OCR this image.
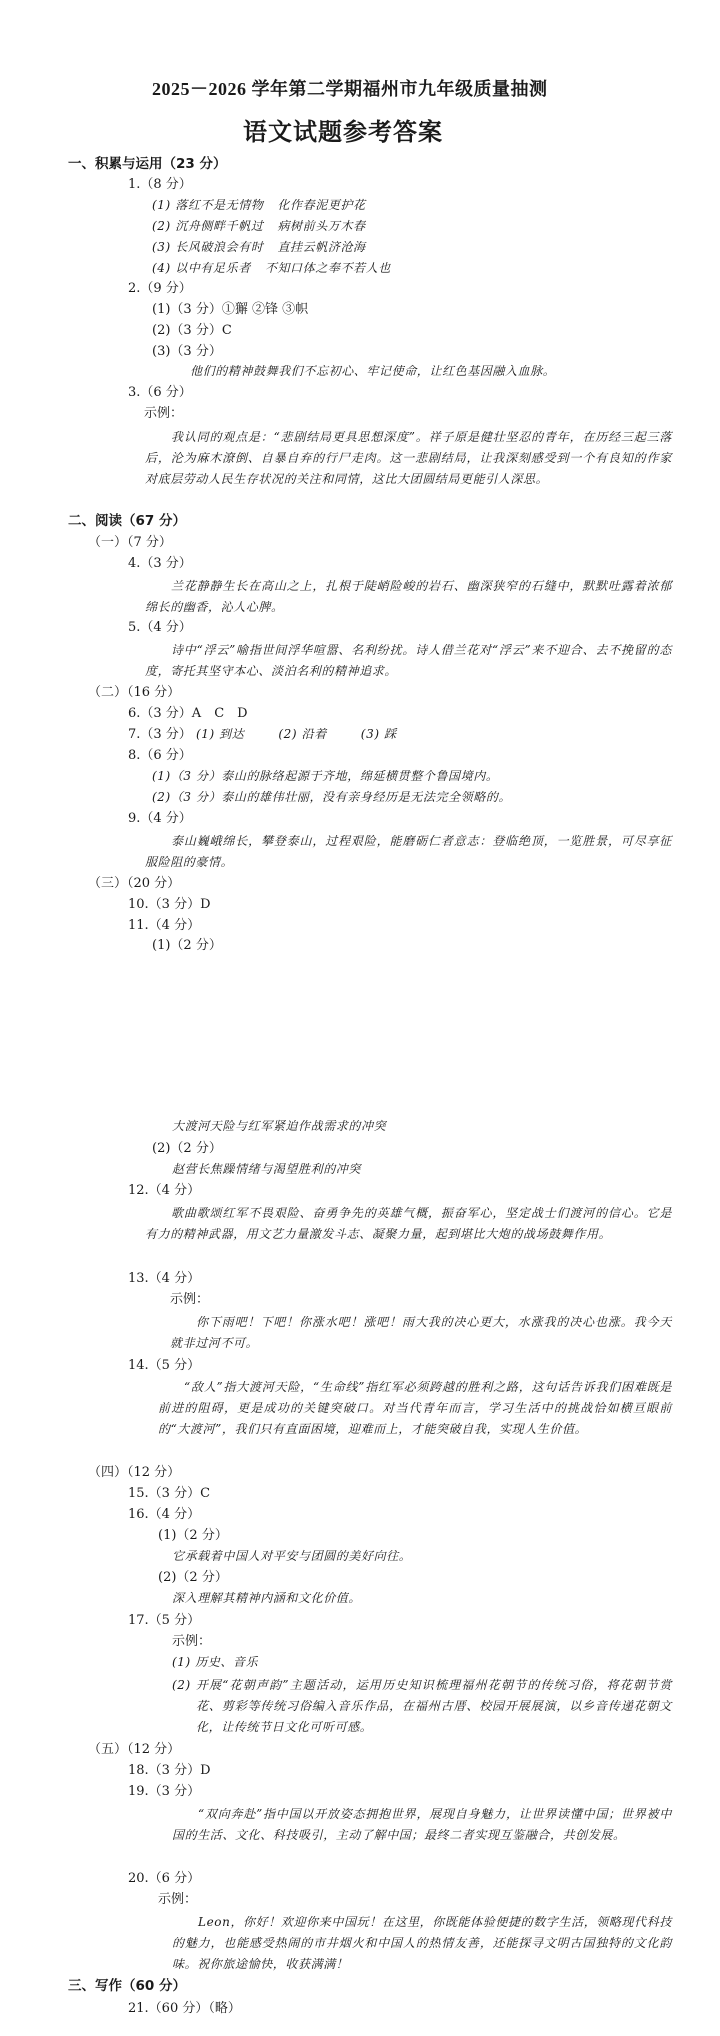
2025－2026 学年第二学期福州市九年级质量抽测
语文试题参考答案
一、积累与运用（23 分）
1.（8 分）
(1) 落红不是无情物 化作春泥更护花
(2) 沉舟侧畔千帆过 病树前头万木春
(3) 长风破浪会有时 直挂云帆济沧海
(4) 以中有足乐者 不知口体之奉不若人也
2.（9 分）
(1)（3 分）①獬 ②锋 ③帜
(2)（3 分）C
(3)（3 分）
他们的精神鼓舞我们不忘初心、牢记使命，让红色基因融入血脉。
3.（6 分）
示例：
我认同的观点是：“悲剧结局更具思想深度”。祥子原是健壮坚忍的青年，在历经三起三落后，沦为麻木潦倒、自暴自弃的行尸走肉。这一悲剧结局，让我深刻感受到一个有良知的作家对底层劳动人民生存状况的关注和同情，这比大团圆结局更能引人深思。
二、阅读（67 分）
（一）（7 分）
4.（3 分）
兰花静静生长在高山之上，扎根于陡峭险峻的岩石、幽深狭窄的石缝中，默默吐露着浓郁绵长的幽香，沁人心脾。
5.（4 分）
诗中“浮云”喻指世间浮华喧嚣、名利纷扰。诗人借兰花对“浮云”来不迎合、去不挽留的态度，寄托其坚守本心、淡泊名利的精神追求。
（二）（16 分）
6.（3 分）A　C　D
7.（3 分） (1) 到达	(2) 沿着	(3) 踩
8.（6 分）
(1)（3 分）泰山的脉络起源于齐地，绵延横贯整个鲁国境内。
(2)（3 分）泰山的雄伟壮丽，没有亲身经历是无法完全领略的。
9.（4 分）
泰山巍峨绵长，攀登泰山，过程艰险，能磨砺仁者意志：登临绝顶，一览胜景，可尽享征服险阻的豪情。
（三）（20 分）
10.（3 分）D
11.（4 分）
(1)（2 分）
大渡河天险与红军紧迫作战需求的冲突
(2)（2 分）
赵营长焦躁情绪与渴望胜利的冲突
12.（4 分）
歌曲歌颂红军不畏艰险、奋勇争先的英雄气概，振奋军心，坚定战士们渡河的信心。它是有力的精神武器，用文艺力量激发斗志、凝聚力量，起到堪比大炮的战场鼓舞作用。
13.（4 分）
示例：
你下雨吧！下吧！你涨水吧！涨吧！雨大我的决心更大，水涨我的决心也涨。我今天就非过河不可。
14.（5 分）
“敌人”指大渡河天险，“生命线”指红军必须跨越的胜利之路，这句话告诉我们困难既是前进的阻碍，更是成功的关键突破口。对当代青年而言，学习生活中的挑战恰如横亘眼前的“大渡河”，我们只有直面困境，迎难而上，才能突破自我，实现人生价值。
（四）（12 分）
15.（3 分）C
16.（4 分）
(1)（2 分）
它承载着中国人对平安与团圆的美好向往。
(2)（2 分）
深入理解其精神内涵和文化价值。
17.（5 分）
示例：
(1) 历史、音乐
(2) 开展“花朝声韵”主题活动，运用历史知识梳理福州花朝节的传统习俗，将花朝节赏花、剪彩等传统习俗编入音乐作品，在福州古厝、校园开展展演，以乡音传递花朝文化，让传统节日文化可听可感。
（五）（12 分）
18.（3 分）D
19.（3 分）
“双向奔赴”指中国以开放姿态拥抱世界，展现自身魅力，让世界读懂中国；世界被中国的生活、文化、科技吸引，主动了解中国；最终二者实现互鉴融合，共创发展。
20.（6 分）
示例：
Leon，你好！欢迎你来中国玩！在这里，你既能体验便捷的数字生活，领略现代科技的魅力，也能感受热闹的市井烟火和中国人的热情友善，还能探寻文明古国独特的文化韵味。祝你旅途愉快，收获满满！
三、写作（60 分）
21.（60 分）（略）
